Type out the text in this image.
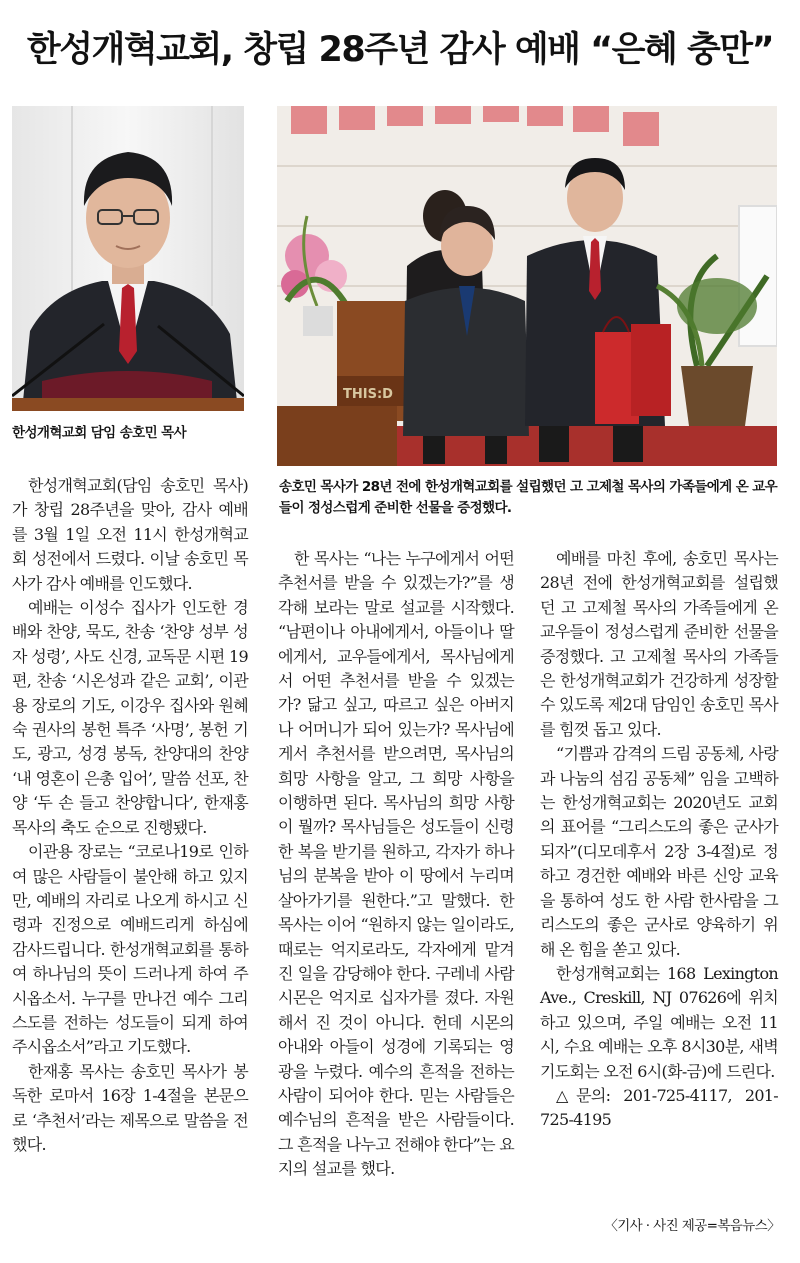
한성개혁교회, 창립 28주년 감사 예배 “은혜 충만”

한성개혁교회 담임 송호민 목사

THIS:D

송호민 목사가 28년 전에 한성개혁교회를 설립했던 고 고제철 목사의 가족들에게 온 교우들이 정성스럽게 준비한 선물을 증정했다.

한성개혁교회(담임 송호민 목사)가 창립 28주년을 맞아, 감사 예배를 3월 1일 오전 11시 한성개혁교회 성전에서 드렸다. 이날 송호민 목사가 감사 예배를 인도했다.

예배는 이성수 집사가 인도한 경배와 찬양, 묵도, 찬송 ‘찬양 성부 성자 성령’, 사도 신경, 교독문 시편 19편, 찬송 ‘시온성과 같은 교회’, 이관용 장로의 기도, 이강우 집사와 원혜숙 권사의 봉헌 특주 ‘사명’, 봉헌 기도, 광고, 성경 봉독, 찬양대의 찬양 ‘내 영혼이 은총 입어’, 말씀 선포, 찬양 ‘두 손 들고 찬양합니다’, 한재홍 목사의 축도 순으로 진행됐다.

이관용 장로는 “코로나19로 인하여 많은 사람들이 불안해 하고 있지만, 예배의 자리로 나오게 하시고 신령과 진정으로 예배드리게 하심에 감사드립니다. 한성개혁교회를 통하여 하나님의 뜻이 드러나게 하여 주시옵소서. 누구를 만나건 예수 그리스도를 전하는 성도들이 되게 하여 주시옵소서”라고 기도했다.

한재홍 목사는 송호민 목사가 봉독한 로마서 16장 1-4절을 본문으로 ‘추천서’라는 제목으로 말씀을 전했다.

한 목사는 “나는 누구에게서 어떤 추천서를 받을 수 있겠는가?”를 생각해 보라는 말로 설교를 시작했다. “남편이나 아내에게서, 아들이나 딸에게서, 교우들에게서, 목사님에게서 어떤 추천서를 받을 수 있겠는가? 닮고 싶고, 따르고 싶은 아버지나 어머니가 되어 있는가? 목사님에게서 추천서를 받으려면, 목사님의 희망 사항을 알고, 그 희망 사항을 이행하면 된다. 목사님의 희망 사항이 뭘까? 목사님들은 성도들이 신령한 복을 받기를 원하고, 각자가 하나님의 분복을 받아 이 땅에서 누리며 살아가기를 원한다.”고 말했다. 한 목사는 이어 “원하지 않는 일이라도, 때로는 억지로라도, 각자에게 맡겨진 일을 감당해야 한다. 구레네 사람 시몬은 억지로 십자가를 졌다. 자원해서 진 것이 아니다. 헌데 시몬의 아내와 아들이 성경에 기록되는 영광을 누렸다. 예수의 흔적을 전하는 사람이 되어야 한다. 믿는 사람들은 예수님의 흔적을 받은 사람들이다. 그 흔적을 나누고 전해야 한다”는 요지의 설교를 했다.

예배를 마친 후에, 송호민 목사는 28년 전에 한성개혁교회를 설립했던 고 고제철 목사의 가족들에게 온 교우들이 정성스럽게 준비한 선물을 증정했다. 고 고제철 목사의 가족들은 한성개혁교회가 건강하게 성장할 수 있도록 제2대 담임인 송호민 목사를 힘껏 돕고 있다.

“기쁨과 감격의 드림 공동체, 사랑과 나눔의 섬김 공동체” 임을 고백하는 한성개혁교회는 2020년도 교회의 표어를 “그리스도의 좋은 군사가 되자”(디모데후서 2장 3-4절)로 정하고 경건한 예배와 바른 신앙 교육을 통하여 성도 한 사람 한사람을 그리스도의 좋은 군사로 양육하기 위해 온 힘을 쏟고 있다.

한성개혁교회는 168 Lexington Ave., Creskill, NJ 07626에 위치하고 있으며, 주일 예배는 오전 11시, 수요 예배는 오후 8시30분, 새벽 기도회는 오전 6시(화-금)에 드린다.

△문의: 201-725-4117, 201-725-4195

〈기사 · 사진 제공=복음뉴스〉
